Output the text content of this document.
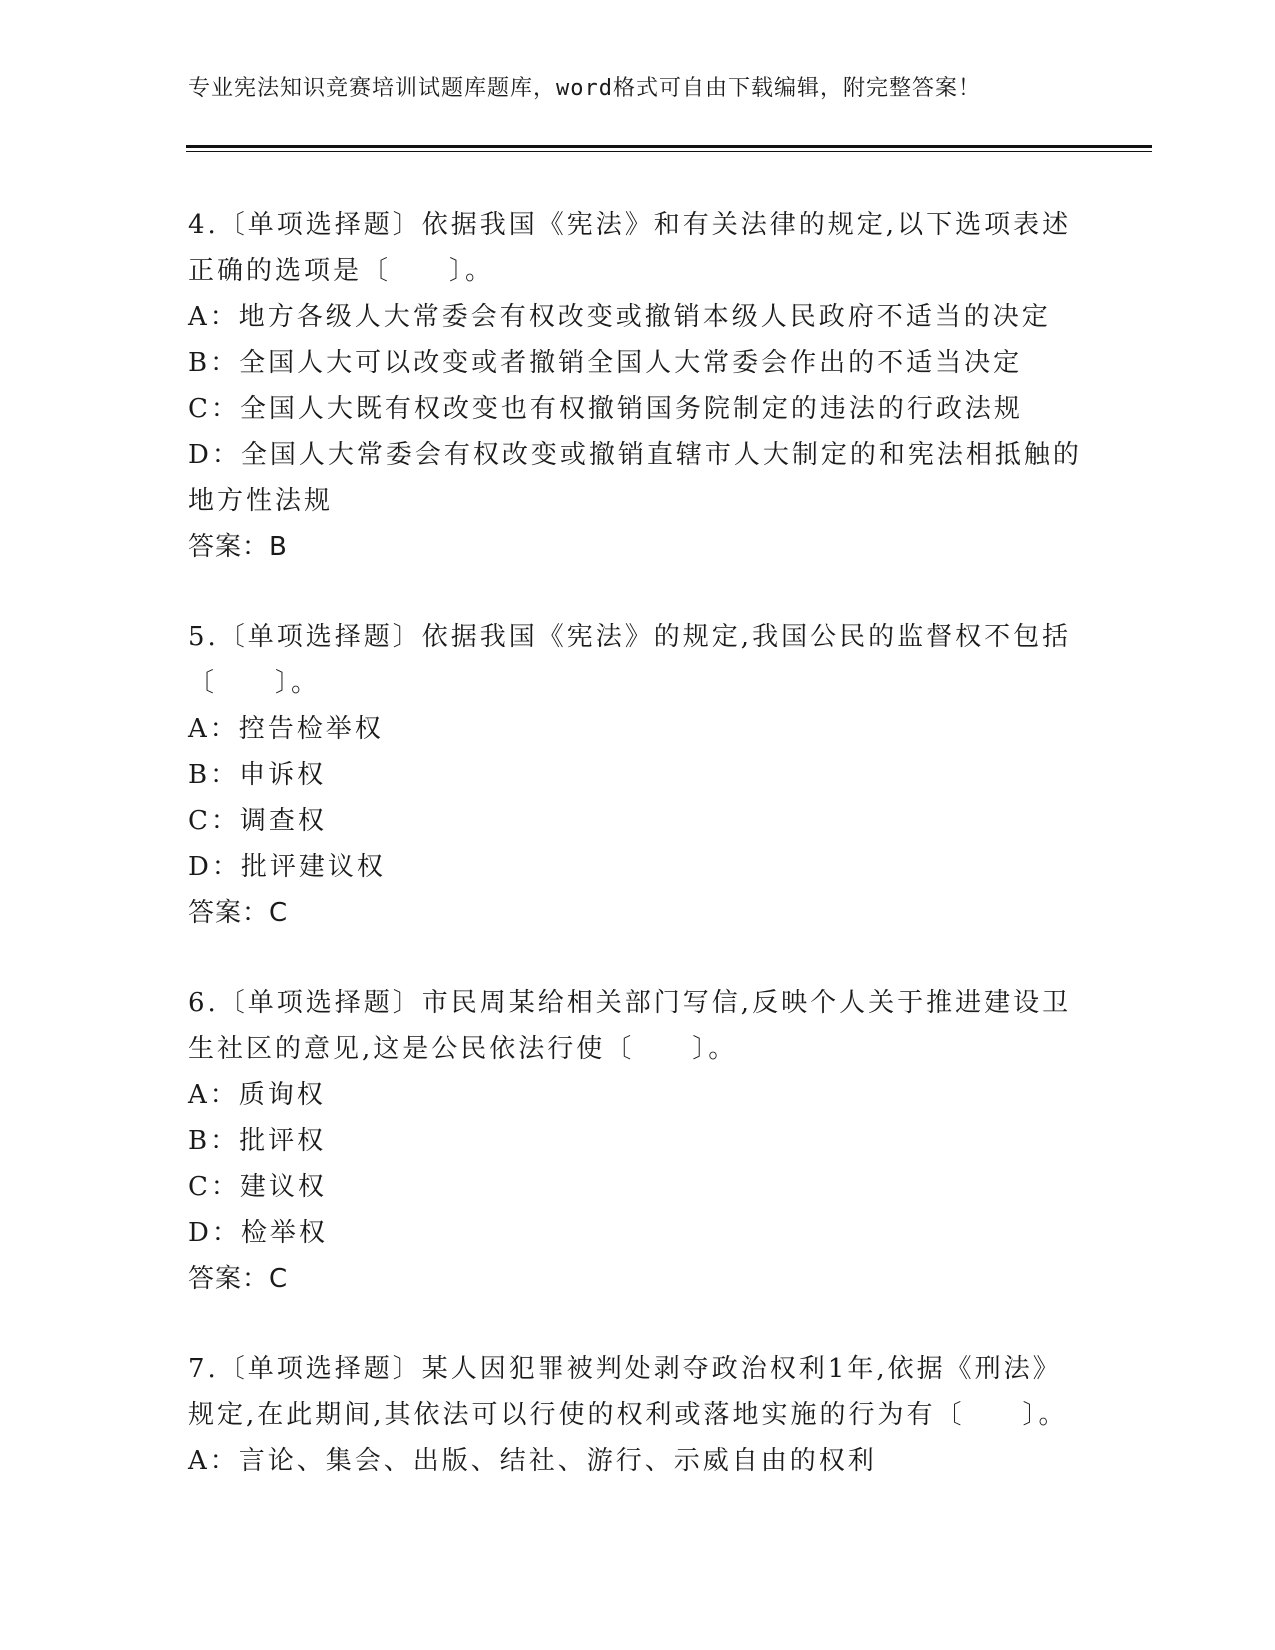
专业宪法知识竞赛培训试题库题库，word格式可自由下载编辑，附完整答案！
4.〔单项选择题〕依据我国《宪法》和有关法律的规定,以下选项表述
正确的选项是〔　　〕。
A：地方各级人大常委会有权改变或撤销本级人民政府不适当的决定
B：全国人大可以改变或者撤销全国人大常委会作出的不适当决定
C：全国人大既有权改变也有权撤销国务院制定的违法的行政法规
D：全国人大常委会有权改变或撤销直辖市人大制定的和宪法相抵触的
地方性法规
答案：B
5.〔单项选择题〕依据我国《宪法》的规定,我国公民的监督权不包括
〔　　〕。
A：控告检举权
B：申诉权
C：调查权
D：批评建议权
答案：C
6.〔单项选择题〕市民周某给相关部门写信,反映个人关于推进建设卫
生社区的意见,这是公民依法行使〔　　〕。
A：质询权
B：批评权
C：建议权
D：检举权
答案：C
7.〔单项选择题〕某人因犯罪被判处剥夺政治权利1年,依据《刑法》
规定,在此期间,其依法可以行使的权利或落地实施的行为有〔　　〕。
A：言论、集会、出版、结社、游行、示威自由的权利
